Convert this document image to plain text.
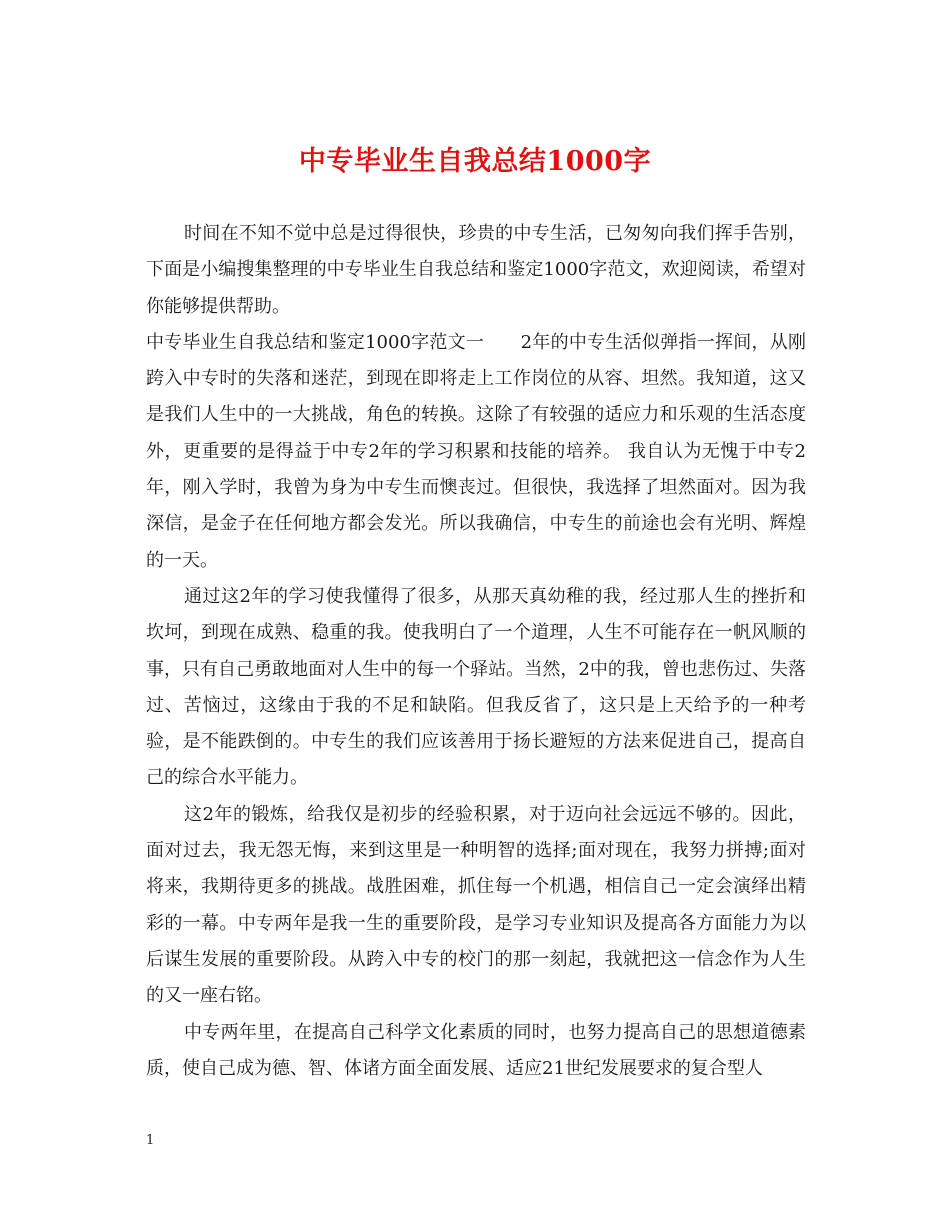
中专毕业生自我总结1000字

时间在不知不觉中总是过得很快，珍贵的中专生活，已匆匆向我们挥手告别，下面是小编搜集整理的中专毕业生自我总结和鉴定1000字范文，欢迎阅读，希望对你能够提供帮助。

中专毕业生自我总结和鉴定1000字范文一　　2年的中专生活似弹指一挥间，从刚跨入中专时的失落和迷茫，到现在即将走上工作岗位的从容、坦然。我知道，这又是我们人生中的一大挑战，角色的转换。这除了有较强的适应力和乐观的生活态度外，更重要的是得益于中专2年的学习积累和技能的培养。 我自认为无愧于中专2年，刚入学时，我曾为身为中专生而懊丧过。但很快，我选择了坦然面对。因为我深信，是金子在任何地方都会发光。所以我确信，中专生的前途也会有光明、辉煌的一天。

通过这2年的学习使我懂得了很多，从那天真幼稚的我，经过那人生的挫折和坎坷，到现在成熟、稳重的我。使我明白了一个道理，人生不可能存在一帆风顺的事，只有自己勇敢地面对人生中的每一个驿站。当然，2中的我，曾也悲伤过、失落过、苦恼过，这缘由于我的不足和缺陷。但我反省了，这只是上天给予的一种考验，是不能跌倒的。中专生的我们应该善用于扬长避短的方法来促进自己，提高自己的综合水平能力。

这2年的锻炼，给我仅是初步的经验积累，对于迈向社会远远不够的。因此，面对过去，我无怨无悔，来到这里是一种明智的选择;面对现在，我努力拼搏;面对将来，我期待更多的挑战。战胜困难，抓住每一个机遇，相信自己一定会演绎出精彩的一幕。中专两年是我一生的重要阶段，是学习专业知识及提高各方面能力为以后谋生发展的重要阶段。从跨入中专的校门的那一刻起，我就把这一信念作为人生的又一座右铭。

中专两年里，在提高自己科学文化素质的同时，也努力提高自己的思想道德素质，使自己成为德、智、体诸方面全面发展、适应21世纪发展要求的复合型人

1
